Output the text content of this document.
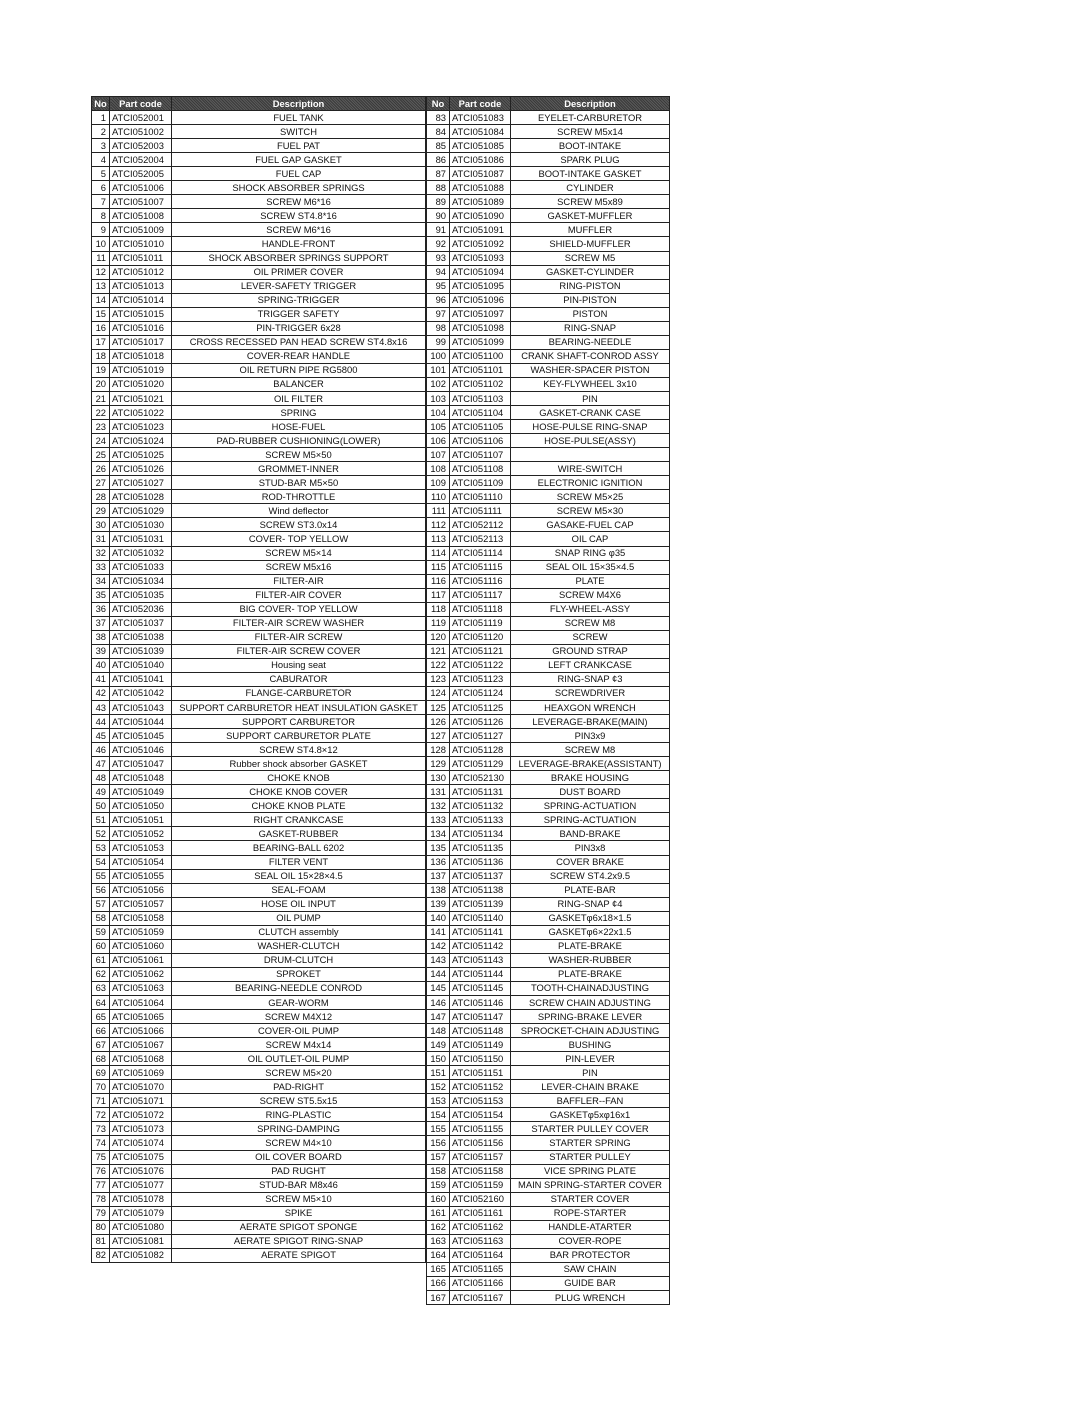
No	Part code	Description
1	ATCI052001	FUEL TANK
2	ATCI051002	SWITCH
3	ATCI052003	FUEL PAT
4	ATCI052004	FUEL GAP GASKET
5	ATCI052005	FUEL CAP
6	ATCI051006	SHOCK ABSORBER SPRINGS
7	ATCI051007	SCREW M6*16
8	ATCI051008	SCREW ST4.8*16
9	ATCI051009	SCREW M6*16
10	ATCI051010	HANDLE-FRONT
11	ATCI051011	SHOCK ABSORBER SPRINGS SUPPORT
12	ATCI051012	OIL PRIMER COVER
13	ATCI051013	LEVER-SAFETY TRIGGER
14	ATCI051014	SPRING-TRIGGER
15	ATCI051015	TRIGGER SAFETY
16	ATCI051016	PIN-TRIGGER 6x28
17	ATCI051017	CROSS RECESSED PAN HEAD SCREW ST4.8x16
18	ATCI051018	COVER-REAR HANDLE
19	ATCI051019	OIL RETURN PIPE RG5800
20	ATCI051020	BALANCER
21	ATCI051021	OIL FILTER
22	ATCI051022	SPRING
23	ATCI051023	HOSE-FUEL
24	ATCI051024	PAD-RUBBER CUSHIONING(LOWER)
25	ATCI051025	SCREW M5×50
26	ATCI051026	GROMMET-INNER
27	ATCI051027	STUD-BAR M5×50
28	ATCI051028	ROD-THROTTLE
29	ATCI051029	Wind deflector
30	ATCI051030	SCREW ST3.0x14
31	ATCI051031	COVER- TOP YELLOW
32	ATCI051032	SCREW M5×14
33	ATCI051033	SCREW M5x16
34	ATCI051034	FILTER-AIR
35	ATCI051035	FILTER-AIR COVER
36	ATCI052036	BIG COVER- TOP YELLOW
37	ATCI051037	FILTER-AIR SCREW WASHER
38	ATCI051038	FILTER-AIR SCREW
39	ATCI051039	FILTER-AIR SCREW COVER
40	ATCI051040	Housing seat
41	ATCI051041	CABURATOR
42	ATCI051042	FLANGE-CARBURETOR
43	ATCI051043	SUPPORT CARBURETOR HEAT INSULATION GASKET
44	ATCI051044	SUPPORT CARBURETOR
45	ATCI051045	SUPPORT CARBURETOR PLATE
46	ATCI051046	SCREW ST4.8×12
47	ATCI051047	Rubber shock absorber GASKET
48	ATCI051048	CHOKE KNOB
49	ATCI051049	CHOKE KNOB COVER
50	ATCI051050	CHOKE KNOB PLATE
51	ATCI051051	RIGHT CRANKCASE
52	ATCI051052	GASKET-RUBBER
53	ATCI051053	BEARING-BALL 6202
54	ATCI051054	FILTER VENT
55	ATCI051055	SEAL OIL 15×28×4.5
56	ATCI051056	SEAL-FOAM
57	ATCI051057	HOSE OIL INPUT
58	ATCI051058	OIL PUMP
59	ATCI051059	CLUTCH assembly
60	ATCI051060	WASHER-CLUTCH
61	ATCI051061	DRUM-CLUTCH
62	ATCI051062	SPROKET
63	ATCI051063	BEARING-NEEDLE CONROD
64	ATCI051064	GEAR-WORM
65	ATCI051065	SCREW M4X12
66	ATCI051066	COVER-OIL PUMP
67	ATCI051067	SCREW M4x14
68	ATCI051068	OIL OUTLET-OIL PUMP
69	ATCI051069	SCREW M5×20
70	ATCI051070	PAD-RIGHT
71	ATCI051071	SCREW ST5.5x15
72	ATCI051072	RING-PLASTIC
73	ATCI051073	SPRING-DAMPING
74	ATCI051074	SCREW M4×10
75	ATCI051075	OIL COVER BOARD
76	ATCI051076	PAD RUGHT
77	ATCI051077	STUD-BAR M8x46
78	ATCI051078	SCREW M5×10
79	ATCI051079	SPIKE
80	ATCI051080	AERATE SPIGOT SPONGE
81	ATCI051081	AERATE SPIGOT RING-SNAP
82	ATCI051082	AERATE SPIGOT
No	Part code	Description
83	ATCI051083	EYELET-CARBURETOR
84	ATCI051084	SCREW M5x14
85	ATCI051085	BOOT-INTAKE
86	ATCI051086	SPARK PLUG
87	ATCI051087	BOOT-INTAKE GASKET
88	ATCI051088	CYLINDER
89	ATCI051089	SCREW M5x89
90	ATCI051090	GASKET-MUFFLER
91	ATCI051091	MUFFLER
92	ATCI051092	SHIELD-MUFFLER
93	ATCI051093	SCREW M5
94	ATCI051094	GASKET-CYLINDER
95	ATCI051095	RING-PISTON
96	ATCI051096	PIN-PISTON
97	ATCI051097	PISTON
98	ATCI051098	RING-SNAP
99	ATCI051099	BEARING-NEEDLE
100	ATCI051100	CRANK SHAFT-CONROD ASSY
101	ATCI051101	WASHER-SPACER PISTON
102	ATCI051102	KEY-FLYWHEEL 3x10
103	ATCI051103	PIN
104	ATCI051104	GASKET-CRANK CASE
105	ATCI051105	HOSE-PULSE RING-SNAP
106	ATCI051106	HOSE-PULSE(ASSY)
107	ATCI051107	
108	ATCI051108	WIRE-SWITCH
109	ATCI051109	ELECTRONIC IGNITION
110	ATCI051110	SCREW M5×25
111	ATCI051111	SCREW M5×30
112	ATCI052112	GASAKE-FUEL CAP
113	ATCI052113	OIL CAP
114	ATCI051114	SNAP RING φ35
115	ATCI051115	SEAL OIL 15×35×4.5
116	ATCI051116	PLATE
117	ATCI051117	SCREW M4X6
118	ATCI051118	FLY-WHEEL-ASSY
119	ATCI051119	SCREW M8
120	ATCI051120	SCREW
121	ATCI051121	GROUND STRAP
122	ATCI051122	LEFT CRANKCASE
123	ATCI051123	RING-SNAP ¢3
124	ATCI051124	SCREWDRIVER
125	ATCI051125	HEAXGON WRENCH
126	ATCI051126	LEVERAGE-BRAKE(MAIN)
127	ATCI051127	PIN3x9
128	ATCI051128	SCREW M8
129	ATCI051129	LEVERAGE-BRAKE(ASSISTANT)
130	ATCI052130	BRAKE HOUSING
131	ATCI051131	DUST BOARD
132	ATCI051132	SPRING-ACTUATION
133	ATCI051133	SPRING-ACTUATION
134	ATCI051134	BAND-BRAKE
135	ATCI051135	PIN3x8
136	ATCI051136	COVER BRAKE
137	ATCI051137	SCREW ST4.2x9.5
138	ATCI051138	PLATE-BAR
139	ATCI051139	RING-SNAP ¢4
140	ATCI051140	GASKETφ6x18×1.5
141	ATCI051141	GASKETφ6×22x1.5
142	ATCI051142	PLATE-BRAKE
143	ATCI051143	WASHER-RUBBER
144	ATCI051144	PLATE-BRAKE
145	ATCI051145	TOOTH-CHAINADJUSTING
146	ATCI051146	SCREW CHAIN ADJUSTING
147	ATCI051147	SPRING-BRAKE LEVER
148	ATCI051148	SPROCKET-CHAIN ADJUSTING
149	ATCI051149	BUSHING
150	ATCI051150	PIN-LEVER
151	ATCI051151	PIN
152	ATCI051152	LEVER-CHAIN BRAKE
153	ATCI051153	BAFFLER--FAN
154	ATCI051154	GASKETφ5xφ16x1
155	ATCI051155	STARTER PULLEY COVER
156	ATCI051156	STARTER SPRING
157	ATCI051157	STARTER PULLEY
158	ATCI051158	VICE SPRING PLATE
159	ATCI051159	MAIN SPRING-STARTER COVER
160	ATCI052160	STARTER COVER
161	ATCI051161	ROPE-STARTER
162	ATCI051162	HANDLE-ATARTER
163	ATCI051163	COVER-ROPE
164	ATCI051164	BAR PROTECTOR
165	ATCI051165	SAW CHAIN
166	ATCI051166	GUIDE BAR
167	ATCI051167	PLUG WRENCH
